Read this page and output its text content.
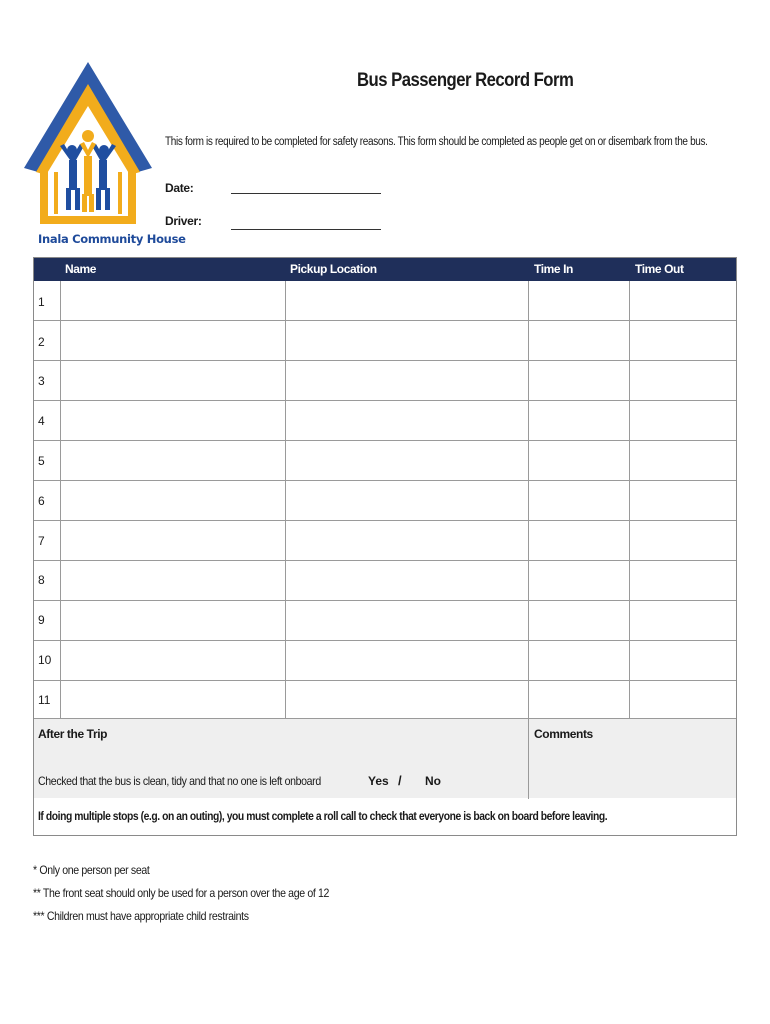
Inala Community House
Bus Passenger Record Form
This form is required to be completed for safety reasons. This form should be completed as people get on or disembark from the bus.
Date:
Driver:
Name	Pickup Location	Time In	Time Out
1
2
3
4
5
6
7
8
9
10
11
After the Trip
Checked that the bus is clean, tidy and that no one is left onboard	Yes / No
Comments
If doing multiple stops (e.g. on an outing), you must complete a roll call to check that everyone is back on board before leaving.
* Only one person per seat
** The front seat should only be used for a person over the age of 12
*** Children must have appropriate child restraints
